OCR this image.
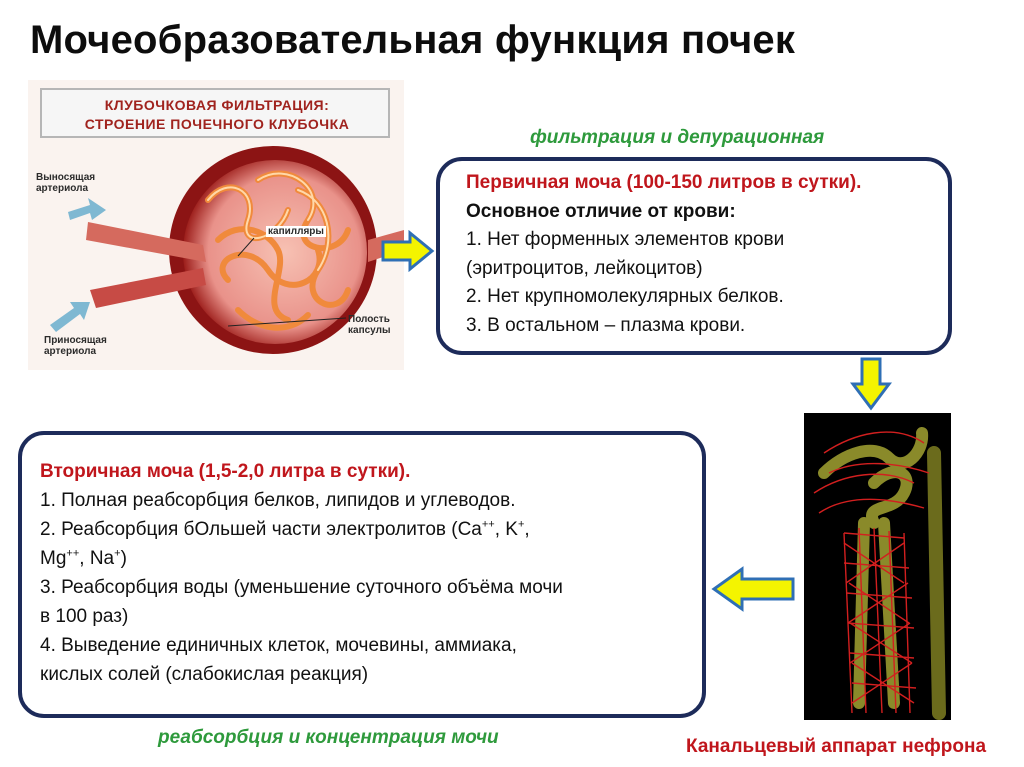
Мочеобразовательная функция почек
КЛУБОЧКОВАЯ ФИЛЬТРАЦИЯ:
СТРОЕНИЕ ПОЧЕЧНОГО КЛУБОЧКА
Выносящая
артериола
капилляры
Приносящая
артериола
Полость
капсулы
фильтрация и депурационная
Первичная моча (100-150 литров в сутки).
Основное отличие от крови:
1. Нет форменных элементов крови
(эритроцитов, лейкоцитов)
2. Нет крупномолекулярных белков.
3. В остальном – плазма крови.
Вторичная моча (1,5-2,0 литра в сутки).
1. Полная реабсорбция белков, липидов и углеводов.
2. Реабсорбция бОльшей части электролитов (Ca++, K+,
Mg++, Na+)
3. Реабсорбция воды (уменьшение суточного объёма мочи
в 100 раз)
4. Выведение единичных клеток, мочевины, аммиака,
кислых солей (слабокислая реакция)
реабсорбция и концентрация мочи	Канальцевый аппарат нефрона
